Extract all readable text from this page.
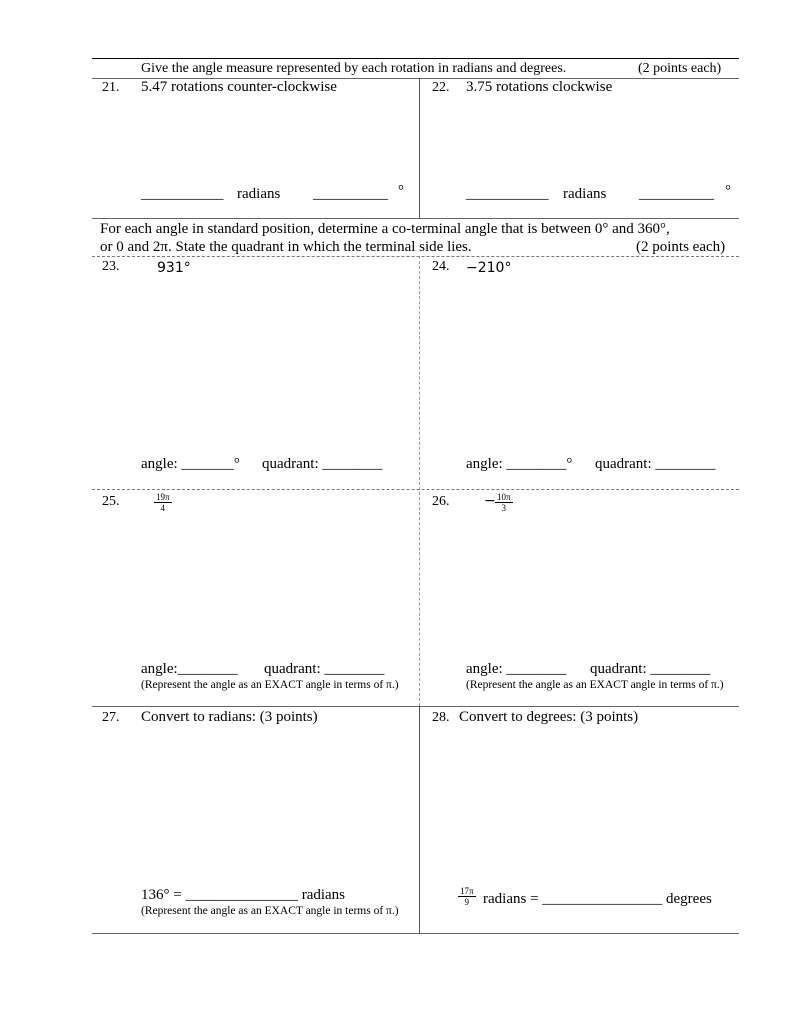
Give the angle measure represented by each rotation in radians and degrees.	(2 points each)
21. 5.47 rotations counter-clockwise
___________ radians __________ °
22. 3.75 rotations clockwise
___________ radians __________ °
For each angle in standard position, determine a co-terminal angle that is between 0° and 360°,
or 0 and 2π. State the quadrant in which the terminal side lies.	(2 points each)
23.	931°
angle: _______° quadrant: ________
24. −210°
angle: ________° quadrant: ________
25.	$\frac{19\pi}{4}$
angle:________ quadrant: ________
(Represent the angle as an EXACT angle in terms of π.)
26. − $\frac{10\pi}{3}$
angle: ________ quadrant: ________
(Represent the angle as an EXACT angle in terms of π.)
27. Convert to radians: (3 points)
136° = _______________ radians
(Represent the angle as an EXACT angle in terms of π.)
28. Convert to degrees: (3 points)
$\frac{17\pi}{9}$ radians = ________________ degrees
